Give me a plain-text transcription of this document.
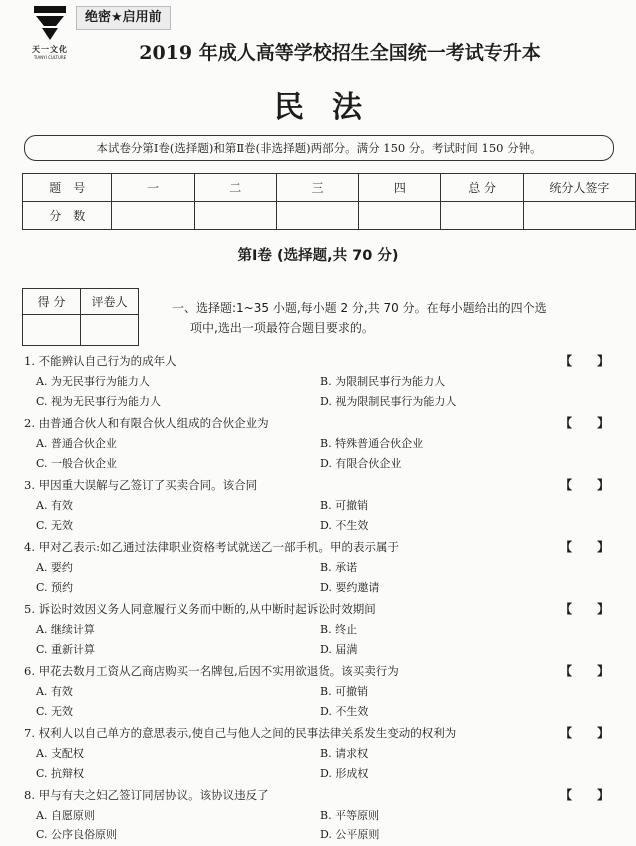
天一文化
TIANYI CULTURE
绝密★启用前
2019 年成人高等学校招生全国统一考试专升本
民法
本试卷分第Ⅰ卷(选择题)和第Ⅱ卷(非选择题)两部分。满分 150 分。考试时间 150 分钟。
题号	一	二	三	四	总 分	统分人签字
分数						
第Ⅰ卷 (选择题,共 70 分)
得 分	评卷人
		一、选择题:1~35 小题,每小题 2 分,共 70 分。在每小题给出的四个选
项中,选出一项最符合题目要求的。
1. 不能辨认自己行为的成年人	【      】
A. 为无民事行为能力人	B. 为限制民事行为能力人
C. 视为无民事行为能力人	D. 视为限制民事行为能力人
2. 由普通合伙人和有限合伙人组成的合伙企业为	【      】
A. 普通合伙企业	B. 特殊普通合伙企业
C. 一般合伙企业	D. 有限合伙企业
3. 甲因重大误解与乙签订了买卖合同。该合同	【      】
A. 有效	B. 可撤销
C. 无效	D. 不生效
4. 甲对乙表示:如乙通过法律职业资格考试就送乙一部手机。甲的表示属于	【      】
A. 要约	B. 承诺
C. 预约	D. 要约邀请
5. 诉讼时效因义务人同意履行义务而中断的,从中断时起诉讼时效期间	【      】
A. 继续计算	B. 终止
C. 重新计算	D. 届满
6. 甲花去数月工资从乙商店购买一名牌包,后因不实用欲退货。该买卖行为	【      】
A. 有效	B. 可撤销
C. 无效	D. 不生效
7. 权利人以自己单方的意思表示,使自己与他人之间的民事法律关系发生变动的权利为	【      】
A. 支配权	B. 请求权
C. 抗辩权	D. 形成权
8. 甲与有夫之妇乙签订同居协议。该协议违反了	【      】
A. 自愿原则	B. 平等原则
C. 公序良俗原则	D. 公平原则
